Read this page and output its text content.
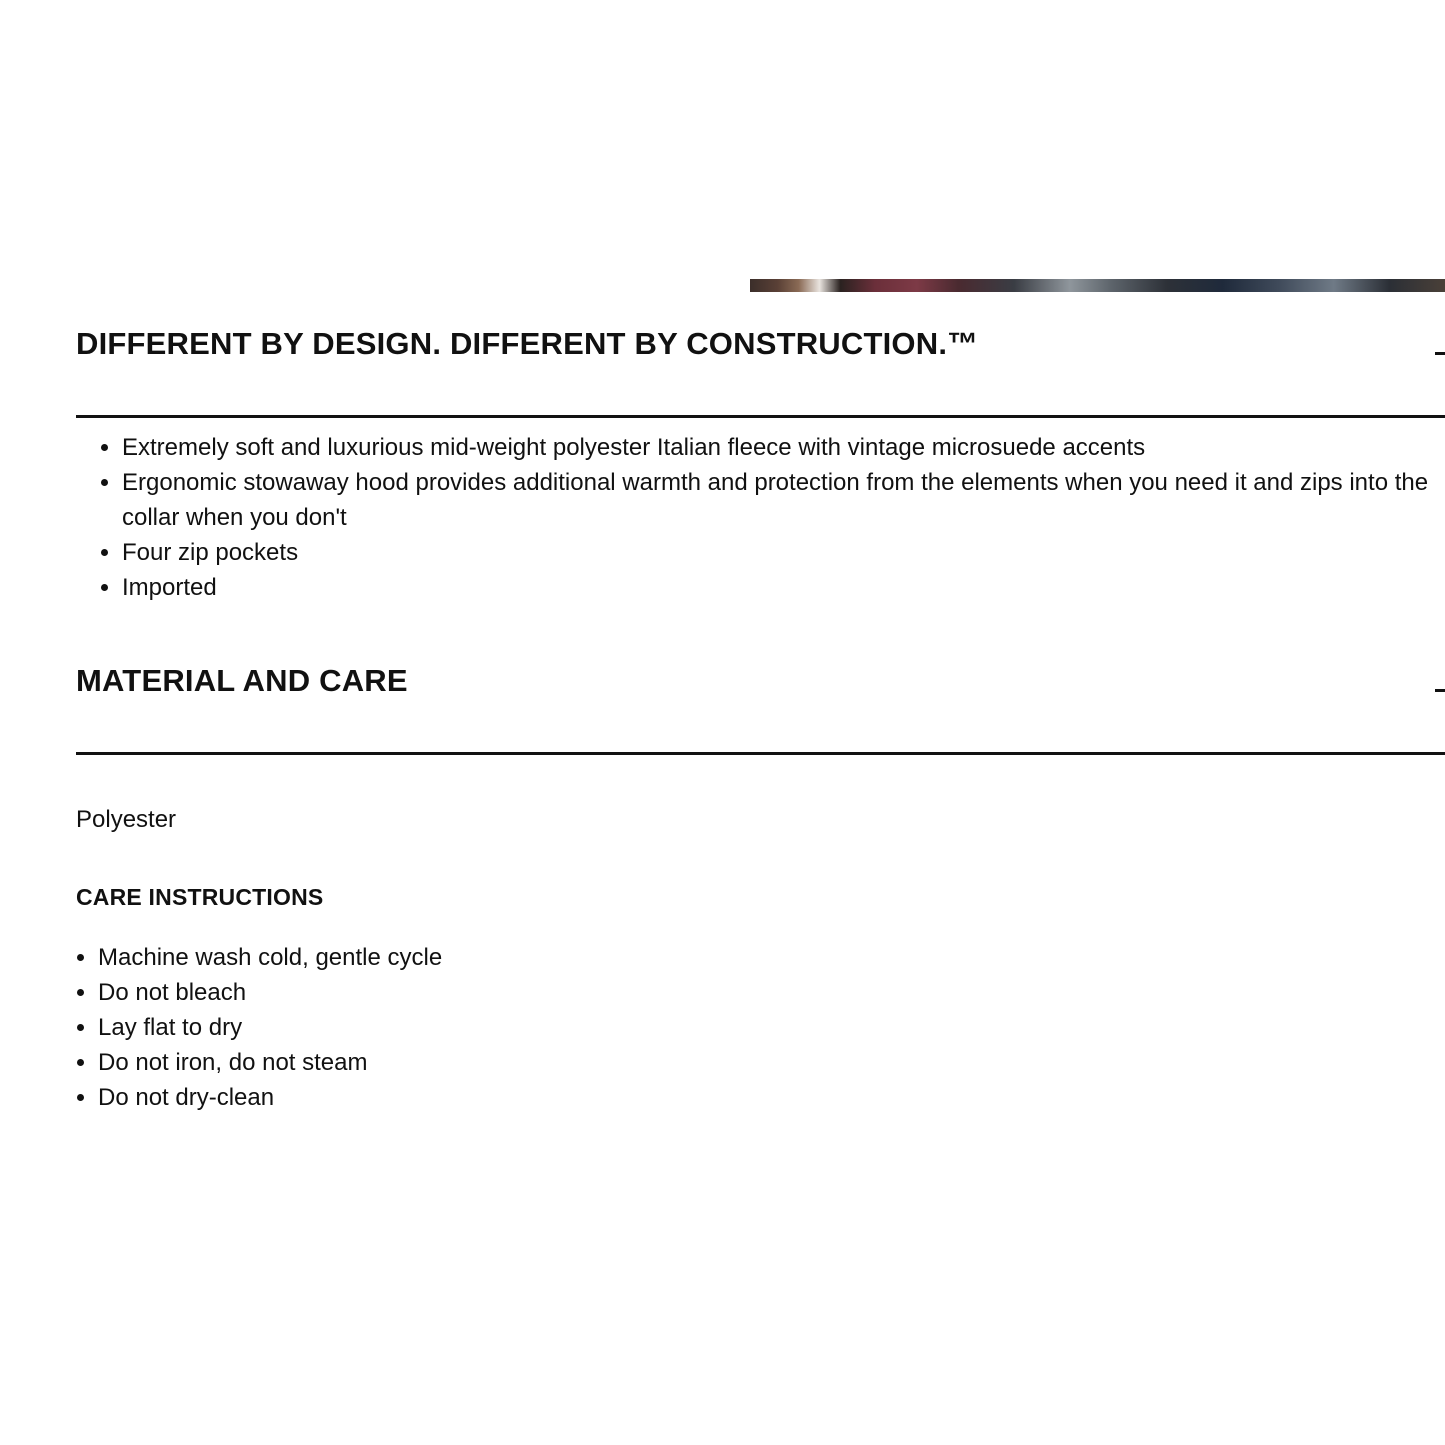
DIFFERENT BY DESIGN. DIFFERENT BY CONSTRUCTION.™
• Extremely soft and luxurious mid-weight polyester Italian fleece with vintage microsuede accents
• Ergonomic stowaway hood provides additional warmth and protection from the elements when you need it and zips into the collar when you don't
• Four zip pockets
• Imported
MATERIAL AND CARE

Polyester

CARE INSTRUCTIONS
• Machine wash cold, gentle cycle
• Do not bleach
• Lay flat to dry
• Do not iron, do not steam
• Do not dry-clean
